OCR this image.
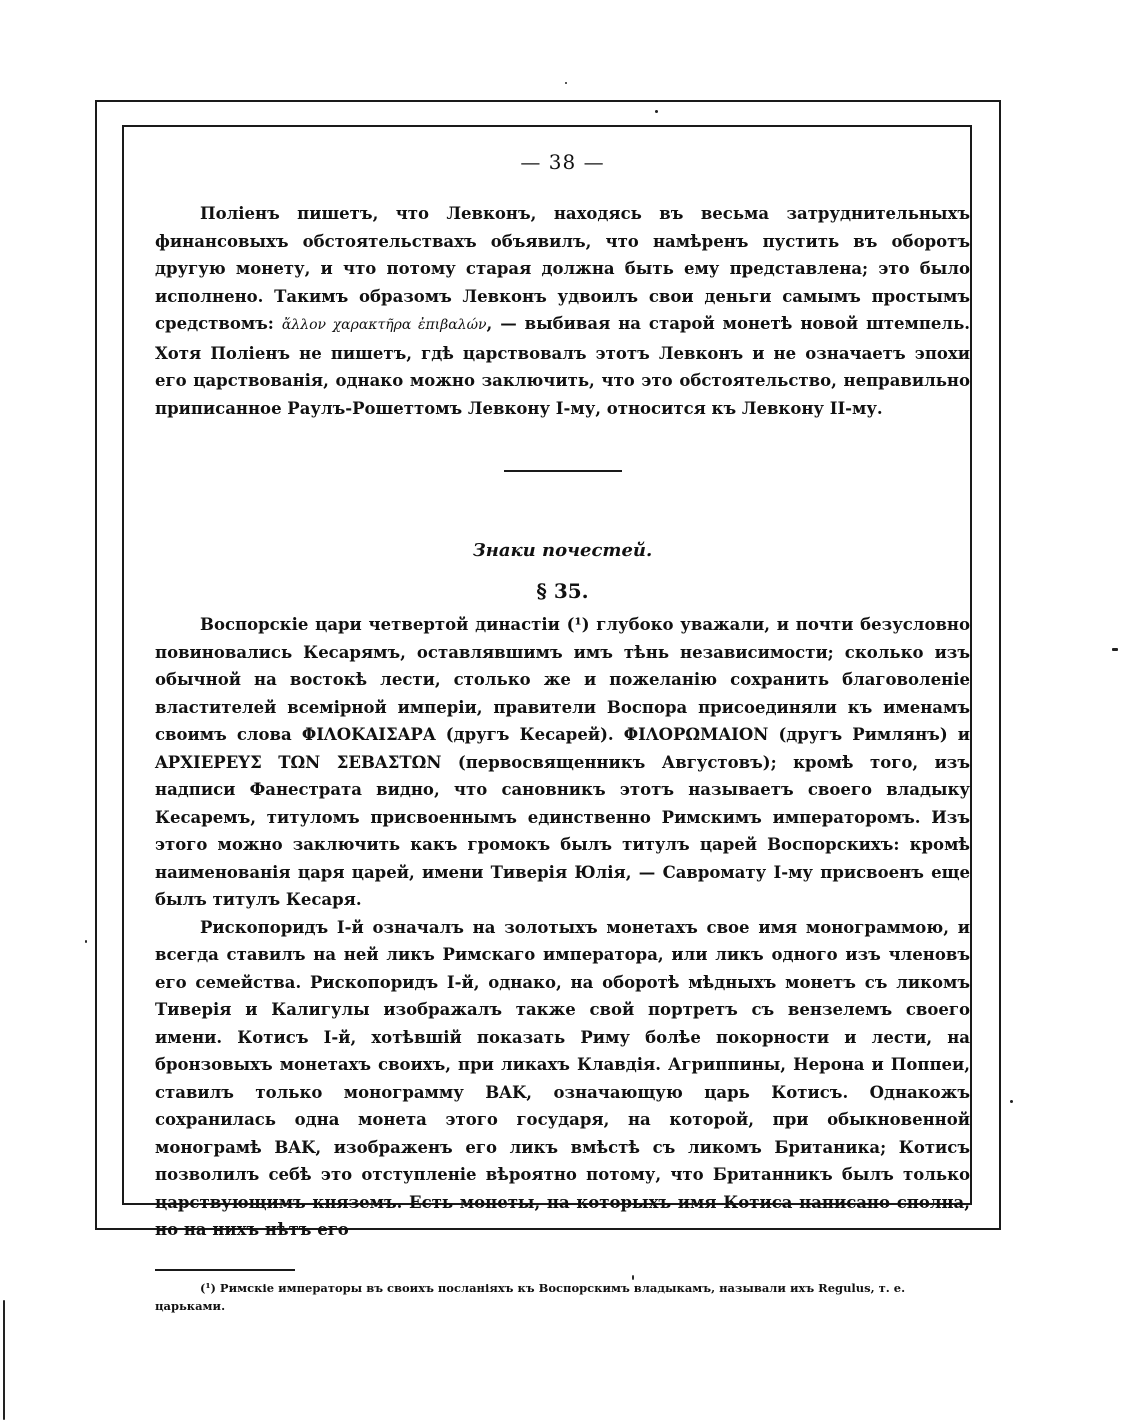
— 38 —

Поліенъ пишетъ, что Левконъ, находясь въ весьма затруднительныхъ финансовыхъ обстоятельствахъ объявилъ, что намѣренъ пустить въ оборотъ другую монету, и что потому старая должна быть ему представлена; это было исполнено. Такимъ образомъ Левконъ удвоилъ свои деньги самымъ простымъ средствомъ: ἄλλον χαρακτῆρα ἐπιβαλών, — выбивая на старой монетѣ новой штемпель. Хотя Поліенъ не пишетъ, гдѣ царствовалъ этотъ Левконъ и не означаетъ эпохи его царствованія, однако можно заключить, что это обстоятельство, неправильно приписанное Раулъ-Рошеттомъ Левкону I-му, относится къ Левкону II-му.

Знаки почестей.
§ 35.

Воспорскіе цари четвертой династіи (¹) глубоко уважали, и почти безусловно повиновались Кесарямъ, оставлявшимъ имъ тѣнь независимости; сколько изъ обычной на востокѣ лести, столько же и пожеланію сохранить благоволеніе властителей всемірной имперіи, правители Воспора присоединяли къ именамъ своимъ слова ΦΙΛΟΚΑΙΣΑΡΑ (другъ Кесарей). ΦΙΛΟΡΩΜΑΙΟΝ (другъ Римлянъ) и ΑΡΧΙΕΡΕΥΣ ΤΩΝ ΣΕΒΑΣΤΩΝ (первосвященникъ Августовъ); кромѣ того, изъ надписи Фанестрата видно, что сановникъ этотъ называетъ своего владыку Кесаремъ, титуломъ присвоеннымъ единственно Римскимъ императоромъ. Изъ этого можно заключить какъ громокъ былъ титулъ царей Воспорскихъ: кромѣ наименованія царя царей, имени Тиверія Юлія, — Савромату I-му присвоенъ еще былъ титулъ Кесаря.

Рископоридъ I-й означалъ на золотыхъ монетахъ свое имя монограммою, и всегда ставилъ на ней ликъ Римскаго императора, или ликъ одного изъ членовъ его семейства. Рископоридъ I-й, однако, на оборотѣ мѣдныхъ монетъ съ ликомъ Тиверія и Калигулы изображалъ также свой портретъ съ вензелемъ своего имени. Котисъ I-й, хотѣвшій показать Риму болѣе покорности и лести, на бронзовыхъ монетахъ своихъ, при ликахъ Клавдія. Агриппины, Нерона и Поппеи, ставилъ только монограмму ΒΑΚ, означающую царь Котисъ. Однакожъ сохранилась одна монета этого государя, на которой, при обыкновенной монограмѣ ΒΑΚ, изображенъ его ликъ вмѣстѣ съ ликомъ Британика; Котисъ позволилъ себѣ это отступленіе вѣроятно потому, что Британникъ былъ только царствующимъ княземъ. Есть монеты, на которыхъ имя Котиса написано сполна, но на нихъ нѣтъ его

(¹) Римскіе императоры въ своихъ посланіяхъ къ Воспорскимъ владыкамъ, называли ихъ Regulus, т. е. царьками.
